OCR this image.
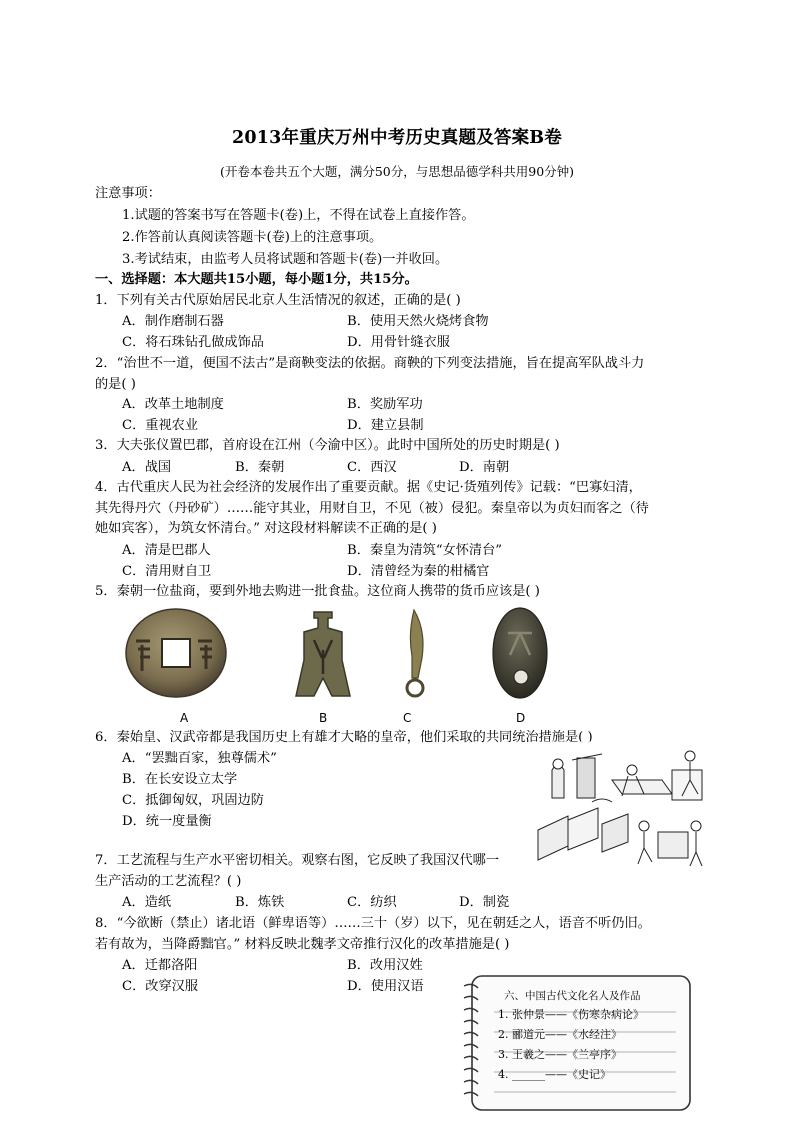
2013年重庆万州中考历史真题及答案B卷
(开卷本卷共五个大题，满分50分，与思想品德学科共用90分钟)
注意事项：
1.试题的答案书写在答题卡(卷)上，不得在试卷上直接作答。
2.作答前认真阅读答题卡(卷)上的注意事项。
3.考试结束，由监考人员将试题和答题卡(卷)一并收回。
一、选择题：本大题共15小题，每小题1分，共15分。
1．下列有关古代原始居民北京人生活情况的叙述，正确的是( )
A．制作磨制石器	B．使用天然火烧烤食物
C．将石珠钻孔做成饰品	D．用骨针缝衣服
2．“治世不一道，便国不法古”是商鞅变法的依据。商鞅的下列变法措施，旨在提高军队战斗力
的是( )
A．改革土地制度	B．奖励军功
C．重视农业	D．建立县制
3．大夫张仪置巴郡，首府设在江州（今渝中区）。此时中国所处的历史时期是( )
A．战国	B．秦朝	C．西汉	D．南朝
4．古代重庆人民为社会经济的发展作出了重要贡献。据《史记·货殖列传》记载：“巴寡妇清，
其先得丹穴（丹砂矿）……能守其业，用财自卫，不见（被）侵犯。秦皇帝以为贞妇而客之（待
她如宾客），为筑女怀清台。” 对这段材料解读不正确的是( )
A．清是巴郡人	B．秦皇为清筑“女怀清台”
C．清用财自卫	D．清曾经为秦的柑橘官
5．秦朝一位盐商，要到外地去购进一批食盐。这位商人携带的货币应该是( )
A	B	C	D
6．秦始皇、汉武帝都是我国历史上有雄才大略的皇帝，他们采取的共同统治措施是( )
A．“罢黜百家，独尊儒术”
B．在长安设立太学
C．抵御匈奴，巩固边防
D．统一度量衡
7．工艺流程与生产水平密切相关。观察右图，它反映了我国汉代哪一
生产活动的工艺流程？( )
A．造纸	B．炼铁	C．纺织	D．制瓷
8．“今欲断（禁止）诸北语（鲜卑语等）……三十（岁）以下，见在朝廷之人，语音不听仍旧。
若有故为，当降爵黜官。” 材料反映北魏孝文帝推行汉化的改革措施是( )
A．迁都洛阳	B．改用汉姓
C．改穿汉服	D．使用汉语
六、中国古代文化名人及作品
1. 张仲景——《伤寒杂病论》
2. 郦道元——《水经注》
3. 王羲之——《兰亭序》
4. ______——《史记》
